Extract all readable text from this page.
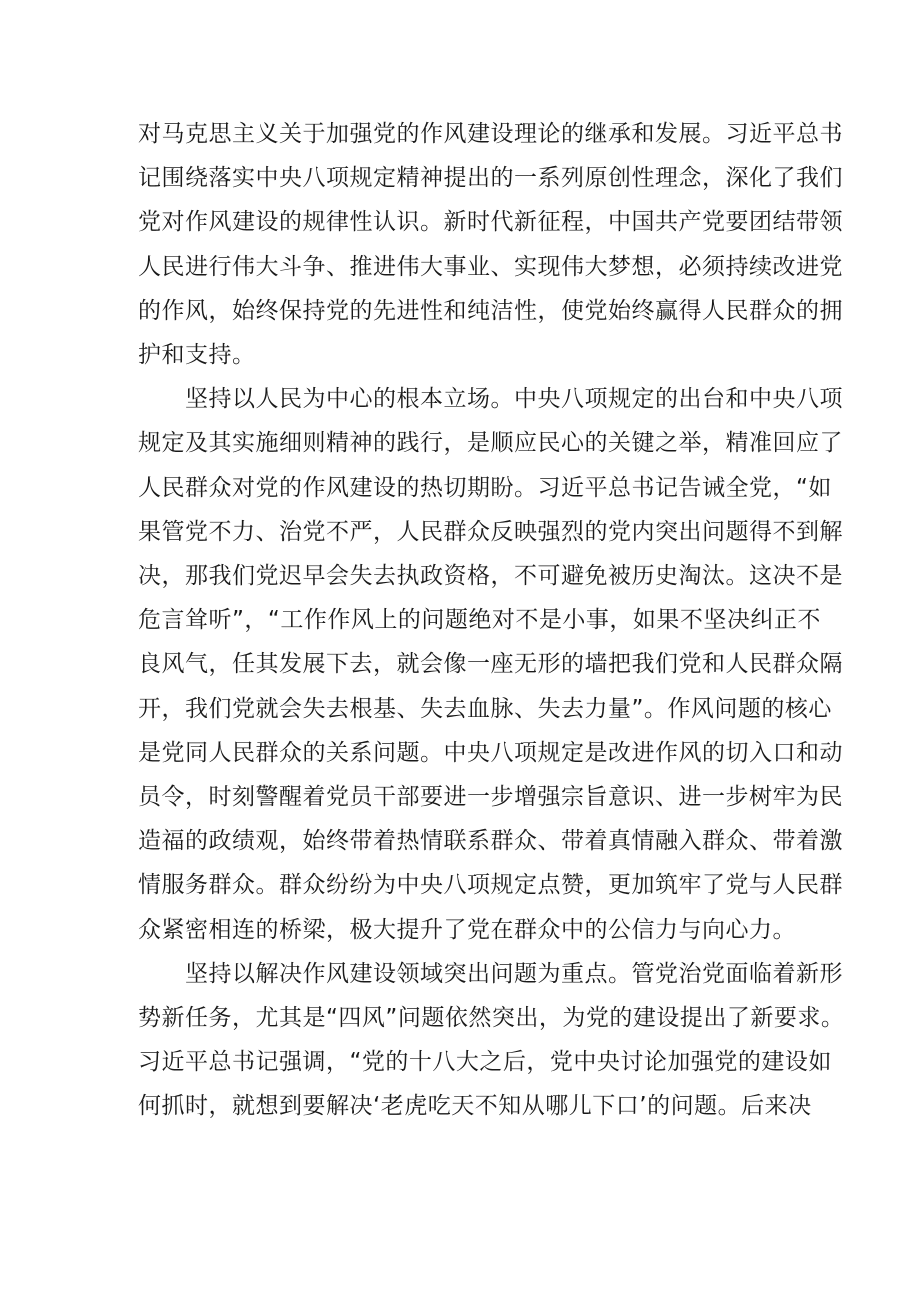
对马克思主义关于加强党的作风建设理论的继承和发展。习近平总书
记围绕落实中央八项规定精神提出的一系列原创性理念，深化了我们
党对作风建设的规律性认识。新时代新征程，中国共产党要团结带领
人民进行伟大斗争、推进伟大事业、实现伟大梦想，必须持续改进党
的作风，始终保持党的先进性和纯洁性，使党始终赢得人民群众的拥
护和支持。
　　坚持以人民为中心的根本立场。中央八项规定的出台和中央八项
规定及其实施细则精神的践行，是顺应民心的关键之举，精准回应了
人民群众对党的作风建设的热切期盼。习近平总书记告诫全党，“如
果管党不力、治党不严，人民群众反映强烈的党内突出问题得不到解
决，那我们党迟早会失去执政资格，不可避免被历史淘汰。这决不是
危言耸听”，“工作作风上的问题绝对不是小事，如果不坚决纠正不
良风气，任其发展下去，就会像一座无形的墙把我们党和人民群众隔
开，我们党就会失去根基、失去血脉、失去力量”。作风问题的核心
是党同人民群众的关系问题。中央八项规定是改进作风的切入口和动
员令，时刻警醒着党员干部要进一步增强宗旨意识、进一步树牢为民
造福的政绩观，始终带着热情联系群众、带着真情融入群众、带着激
情服务群众。群众纷纷为中央八项规定点赞，更加筑牢了党与人民群
众紧密相连的桥梁，极大提升了党在群众中的公信力与向心力。
　　坚持以解决作风建设领域突出问题为重点。管党治党面临着新形
势新任务，尤其是“四风”问题依然突出，为党的建设提出了新要求。
习近平总书记强调，“党的十八大之后，党中央讨论加强党的建设如
何抓时，就想到要解决‘老虎吃天不知从哪儿下口’的问题。后来决
